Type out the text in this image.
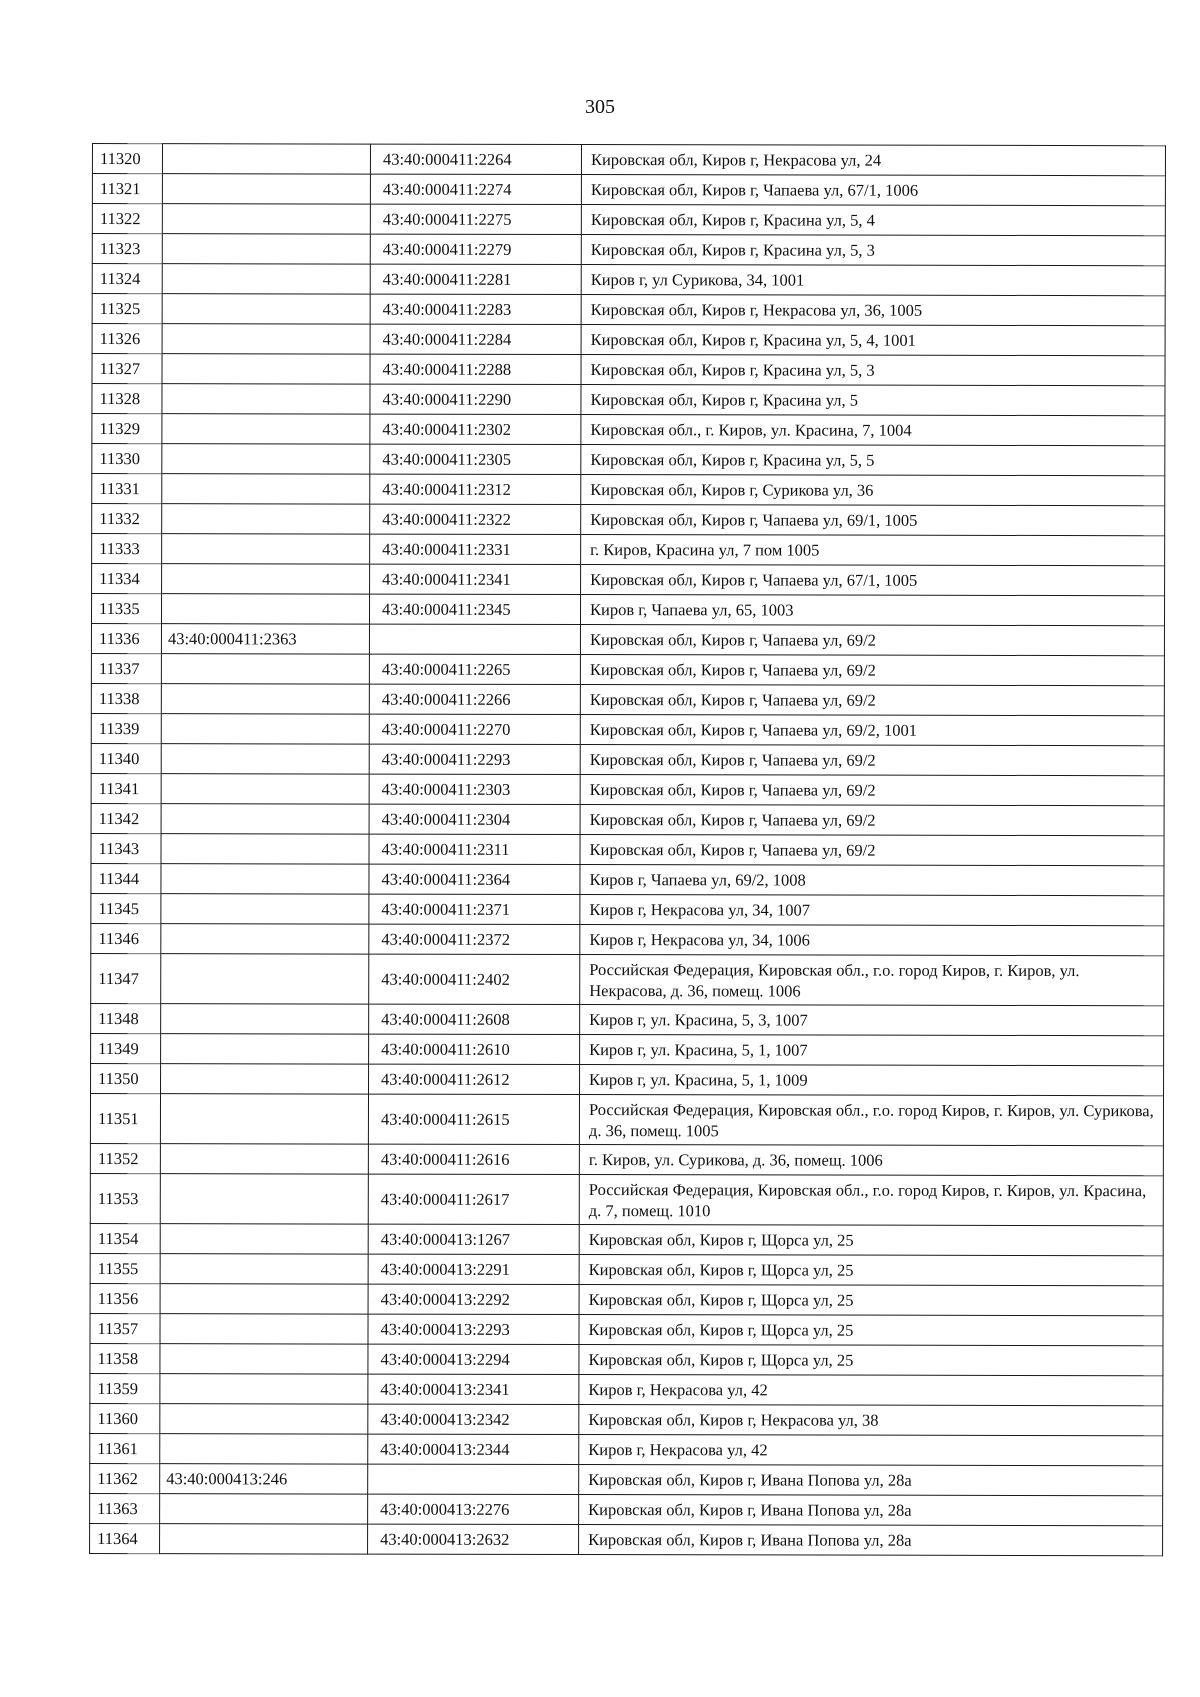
305
11320		43:40:000411:2264	Кировская обл, Киров г, Некрасова ул, 24
11321		43:40:000411:2274	Кировская обл, Киров г, Чапаева ул, 67/1, 1006
11322		43:40:000411:2275	Кировская обл, Киров г, Красина ул, 5, 4
11323		43:40:000411:2279	Кировская обл, Киров г, Красина ул, 5, 3
11324		43:40:000411:2281	Киров г, ул Сурикова, 34, 1001
11325		43:40:000411:2283	Кировская обл, Киров г, Некрасова ул, 36, 1005
11326		43:40:000411:2284	Кировская обл, Киров г, Красина ул, 5, 4, 1001
11327		43:40:000411:2288	Кировская обл, Киров г, Красина ул, 5, 3
11328		43:40:000411:2290	Кировская обл, Киров г, Красина ул, 5
11329		43:40:000411:2302	Кировская обл., г. Киров, ул. Красина, 7, 1004
11330		43:40:000411:2305	Кировская обл, Киров г, Красина ул, 5, 5
11331		43:40:000411:2312	Кировская обл, Киров г, Сурикова ул, 36
11332		43:40:000411:2322	Кировская обл, Киров г, Чапаева ул, 69/1, 1005
11333		43:40:000411:2331	г. Киров, Красина ул, 7 пом 1005
11334		43:40:000411:2341	Кировская обл, Киров г, Чапаева ул, 67/1, 1005
11335		43:40:000411:2345	Киров г, Чапаева ул, 65, 1003
11336	43:40:000411:2363		Кировская обл, Киров г, Чапаева ул, 69/2
11337		43:40:000411:2265	Кировская обл, Киров г, Чапаева ул, 69/2
11338		43:40:000411:2266	Кировская обл, Киров г, Чапаева ул, 69/2
11339		43:40:000411:2270	Кировская обл, Киров г, Чапаева ул, 69/2, 1001
11340		43:40:000411:2293	Кировская обл, Киров г, Чапаева ул, 69/2
11341		43:40:000411:2303	Кировская обл, Киров г, Чапаева ул, 69/2
11342		43:40:000411:2304	Кировская обл, Киров г, Чапаева ул, 69/2
11343		43:40:000411:2311	Кировская обл, Киров г, Чапаева ул, 69/2
11344		43:40:000411:2364	Киров г, Чапаева ул, 69/2, 1008
11345		43:40:000411:2371	Киров г, Некрасова ул, 34, 1007
11346		43:40:000411:2372	Киров г, Некрасова ул, 34, 1006
11347		43:40:000411:2402	Российская Федерация, Кировская обл., г.о. город Киров, г. Киров, ул. Некрасова, д. 36, помещ. 1006
11348		43:40:000411:2608	Киров г, ул. Красина, 5, 3, 1007
11349		43:40:000411:2610	Киров г, ул. Красина, 5, 1, 1007
11350		43:40:000411:2612	Киров г, ул. Красина, 5, 1, 1009
11351		43:40:000411:2615	Российская Федерация, Кировская обл., г.о. город Киров, г. Киров, ул. Сурикова, д. 36, помещ. 1005
11352		43:40:000411:2616	г. Киров, ул. Сурикова, д. 36, помещ. 1006
11353		43:40:000411:2617	Российская Федерация, Кировская обл., г.о. город Киров, г. Киров, ул. Красина, д. 7, помещ. 1010
11354		43:40:000413:1267	Кировская обл, Киров г, Щорса ул, 25
11355		43:40:000413:2291	Кировская обл, Киров г, Щорса ул, 25
11356		43:40:000413:2292	Кировская обл, Киров г, Щорса ул, 25
11357		43:40:000413:2293	Кировская обл, Киров г, Щорса ул, 25
11358		43:40:000413:2294	Кировская обл, Киров г, Щорса ул, 25
11359		43:40:000413:2341	Киров г, Некрасова ул, 42
11360		43:40:000413:2342	Кировская обл, Киров г, Некрасова ул, 38
11361		43:40:000413:2344	Киров г, Некрасова ул, 42
11362	43:40:000413:246		Кировская обл, Киров г, Ивана Попова ул, 28а
11363		43:40:000413:2276	Кировская обл, Киров г, Ивана Попова ул, 28а
11364		43:40:000413:2632	Кировская обл, Киров г, Ивана Попова ул, 28а
